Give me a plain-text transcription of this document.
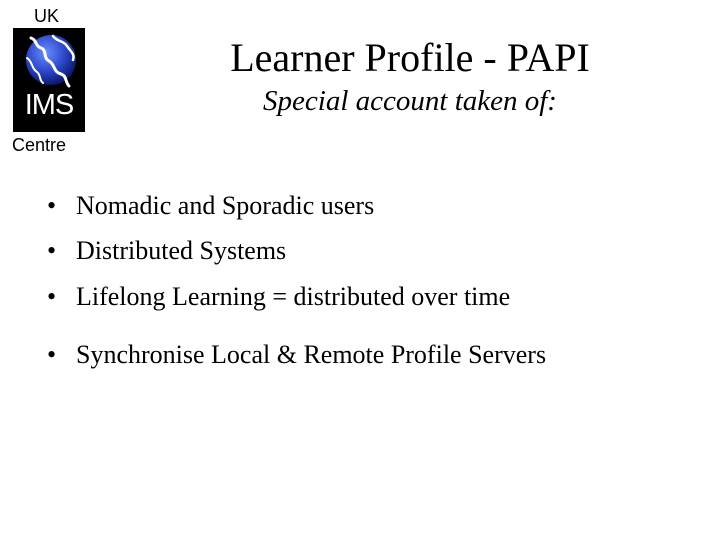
UK
IMS
Centre
Learner Profile - PAPI
Special account taken of:
• Nomadic and Sporadic users
• Distributed Systems
• Lifelong Learning = distributed over time
• Synchronise Local & Remote Profile Servers
